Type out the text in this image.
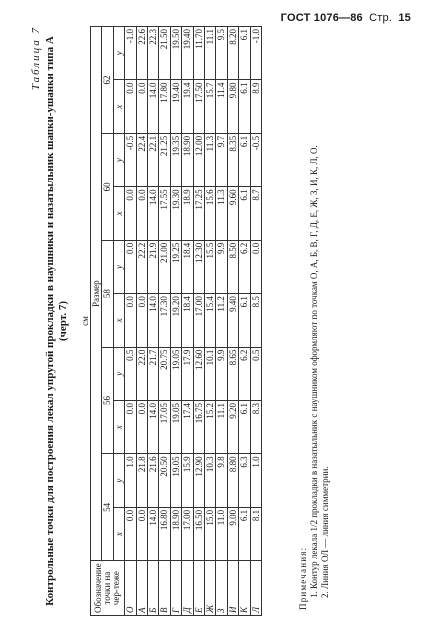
ГОСТ 1076—86 Стр. 15
Таблица 7 Контрольные точки для построения лекал упругой прокладки в наушники и назатыльник шапки-ушанки типа А (черт. 7) см
Обозначение точки на чер-теже	Размер									
	54		56		58		60		62	
	x	y	x	y	x	y	x	y	x	y
О	0.0	1.0	0.0	0.5	0.0	0.0	0.0	-0.5	0.0	-1.0
А	0.0	21.8	0.0	22.0	0.0	22.2	0.0	22.4	0.0	22.6
Б	14.0	21.6	14.0	21.7	14.0	21.9	14.0	22.1	14.0	22.3
В	16.80	20.50	17.05	20.75	17.30	21.00	17.55	21.25	17.80	21.50
Г	18.90	19.05	19.05	19.05	19.20	19.25	19.30	19.35	19.40	19.50
Д	17.00	15.9	17.4	17.9	18.4	18.4	18.9	18.90	19.4	19.40
Е	16.50	12.90	16.75	12.60	17.00	12.30	17.25	12.00	17.50	11.70
Ж	15.0	10.3	15.2	10.1	15.4	15.5	15.6	11.3	15.7	11.1
З	11.0	9.8	11.1	9.9	11.2	9.9	11.3	9.7	11.4	9.5
И	9.00	8.80	9.20	8.65	9.40	8.50	9.60	8.35	9.80	8.20
К	6.1	6.3	6.1	6.2	6.1	6.2	6.1	6.1	6.1	6.1
Л	8.1	1.0	8.3	0.5	8.5	0.0	8.7	-0.5	8.9	-1.0
Примечания: 1. Контур лекала 1/2 прокладки в назатыльник с наушником оформляют по точкам О, А, Б, В, Г, Д, Е, Ж, З, И, К, Л, О. 2. Линия ОЛ — линия симметрии.
